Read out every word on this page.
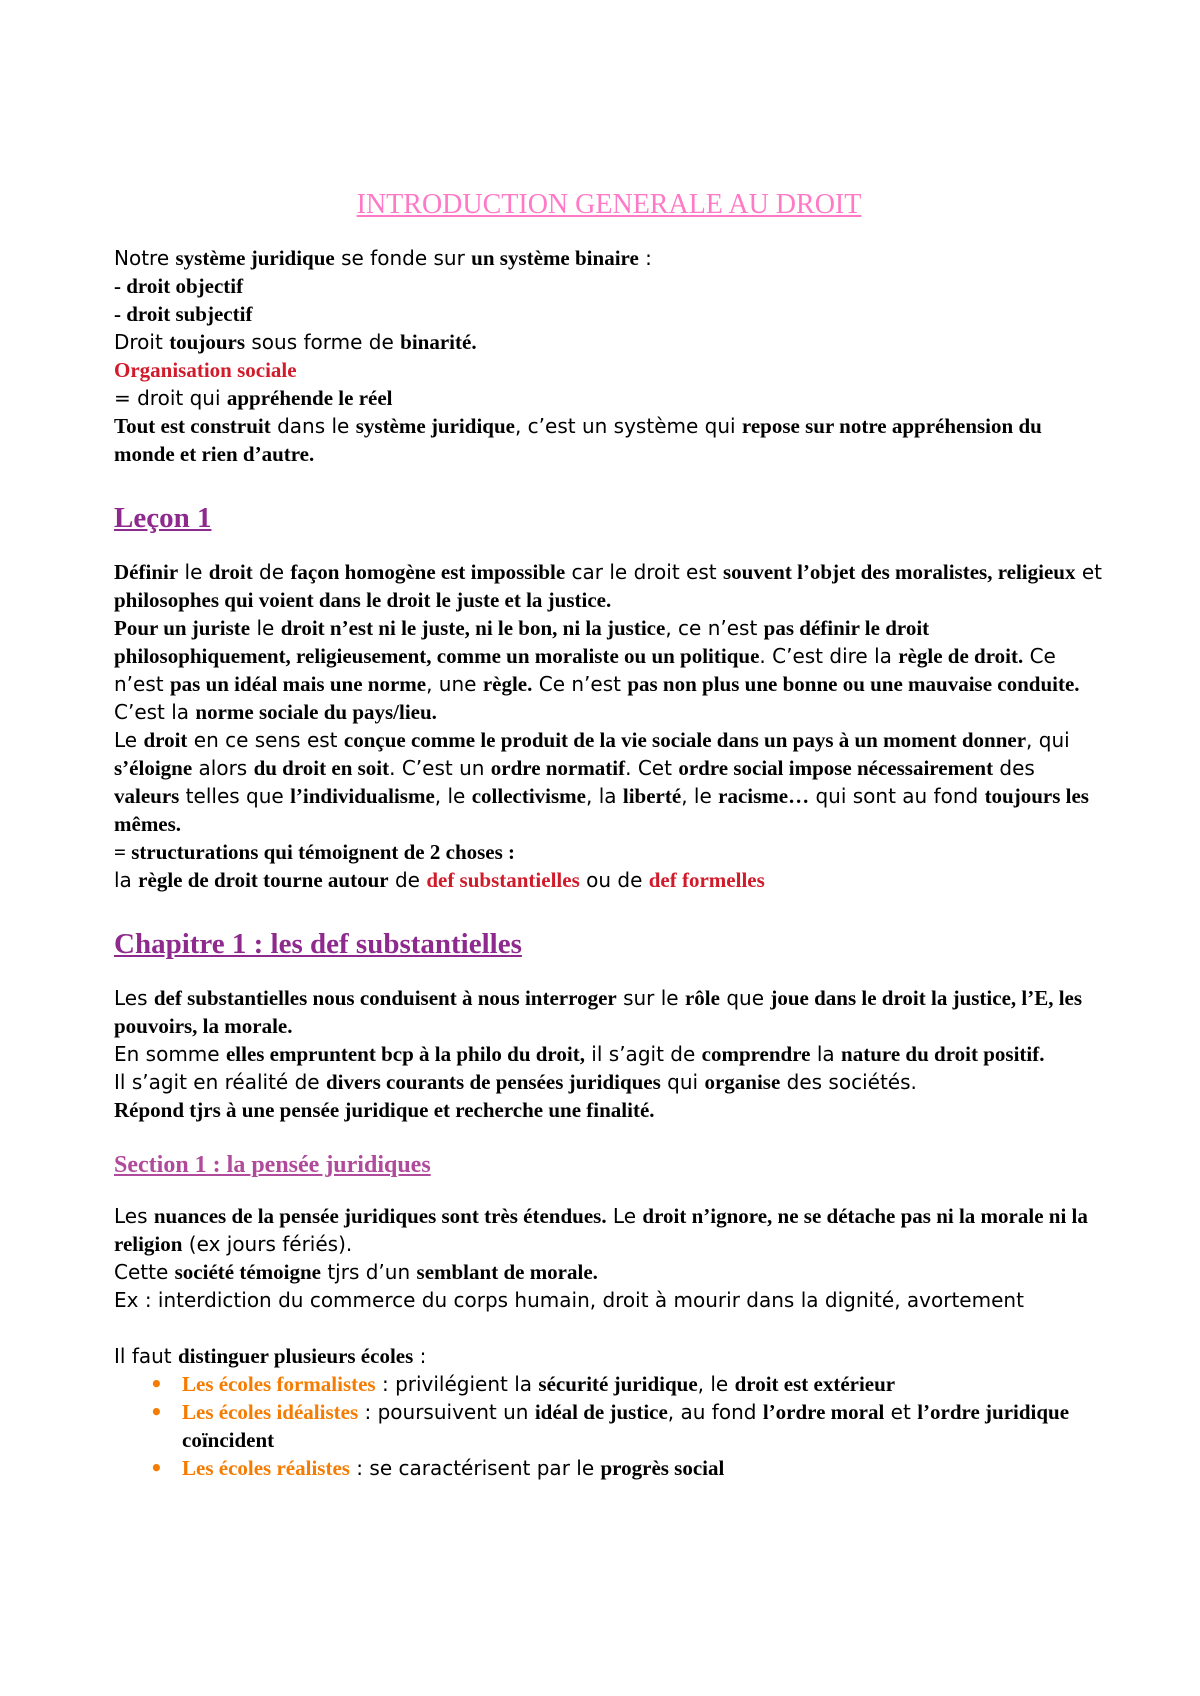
INTRODUCTION GENERALE AU DROIT

Notre système juridique se fonde sur un système binaire :

- droit objectif

- droit subjectif

Droit toujours sous forme de binarité.

Organisation sociale

= droit qui appréhende le réel

Tout est construit dans le système juridique, c’est un système qui repose sur notre appréhension du monde et rien d’autre.

Leçon 1

Définir le droit de façon homogène est impossible car le droit est souvent l’objet des moralistes, religieux et philosophes qui voient dans le droit le juste et la justice.

Pour un juriste le droit n’est ni le juste, ni le bon, ni la justice, ce n’est pas définir le droit philosophiquement, religieusement, comme un moraliste ou un politique. C’est dire la règle de droit. Ce n’est pas un idéal mais une norme, une règle. Ce n’est pas non plus une bonne ou une mauvaise conduite.

C’est la norme sociale du pays/lieu.

Le droit en ce sens est conçue comme le produit de la vie sociale dans un pays à un moment donner, qui s’éloigne alors du droit en soit. C’est un ordre normatif. Cet ordre social impose nécessairement des valeurs telles que l’individualisme, le collectivisme, la liberté, le racisme… qui sont au fond toujours les mêmes.

= structurations qui témoignent de 2 choses :

la règle de droit tourne autour de def substantielles ou de def formelles

Chapitre 1 : les def substantielles

Les def substantielles nous conduisent à nous interroger sur le rôle que joue dans le droit la justice, l’E, les pouvoirs, la morale.

En somme elles empruntent bcp à la philo du droit, il s’agit de comprendre la nature du droit positif.

Il s’agit en réalité de divers courants de pensées juridiques qui organise des sociétés.

Répond tjrs à une pensée juridique et recherche une finalité.

Section 1 : la pensée juridiques

Les nuances de la pensée juridiques sont très étendues. Le droit n’ignore, ne se détache pas ni la morale ni la religion (ex jours fériés).

Cette société témoigne tjrs d’un semblant de morale.

Ex : interdiction du commerce du corps humain, droit à mourir dans la dignité, avortement

Il faut distinguer plusieurs écoles :

• Les écoles formalistes : privilégient la sécurité juridique, le droit est extérieur
• Les écoles idéalistes : poursuivent un idéal de justice, au fond l’ordre moral et l’ordre juridique coïncident
• Les écoles réalistes : se caractérisent par le progrès social
